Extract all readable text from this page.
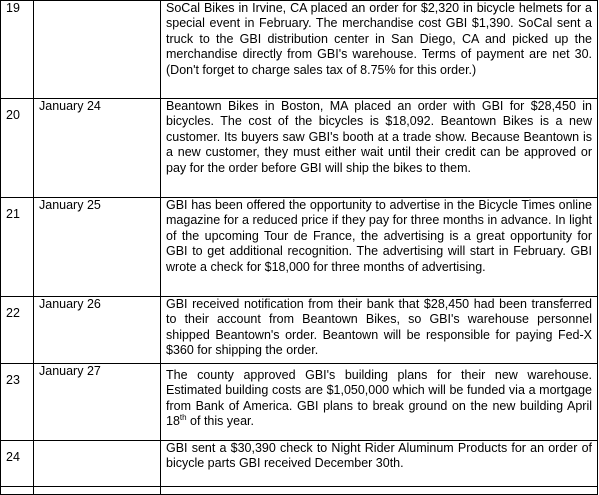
19		SoCal Bikes in Irvine, CA placed an order for $2,320 in bicycle helmets for a special event in February. The merchandise cost GBI $1,390. SoCal sent a truck to the GBI distribution center in San Diego, CA and picked up the merchandise directly from GBI's warehouse. Terms of payment are net 30. (Don't forget to charge sales tax of 8.75% for this order.)
20	January 24	Beantown Bikes in Boston, MA placed an order with GBI for $28,450 in bicycles. The cost of the bicycles is $18,092. Beantown Bikes is a new customer. Its buyers saw GBI's booth at a trade show. Because Beantown is a new customer, they must either wait until their credit can be approved or pay for the order before GBI will ship the bikes to them.
21	January 25	GBI has been offered the opportunity to advertise in the Bicycle Times online magazine for a reduced price if they pay for three months in advance. In light of the upcoming Tour de France, the advertising is a great opportunity for GBI to get additional recognition. The advertising will start in February. GBI wrote a check for $18,000 for three months of advertising.
22	January 26	GBI received notification from their bank that $28,450 had been transferred to their account from Beantown Bikes, so GBI's warehouse personnel shipped Beantown's order. Beantown will be responsible for paying Fed-X $360 for shipping the order.
23	January 27	The county approved GBI's building plans for their new warehouse. Estimated building costs are $1,050,000 which will be funded via a mortgage from Bank of America. GBI plans to break ground on the new building April 18th of this year.
24		GBI sent a $30,390 check to Night Rider Aluminum Products for an order of bicycle parts GBI received December 30th.
